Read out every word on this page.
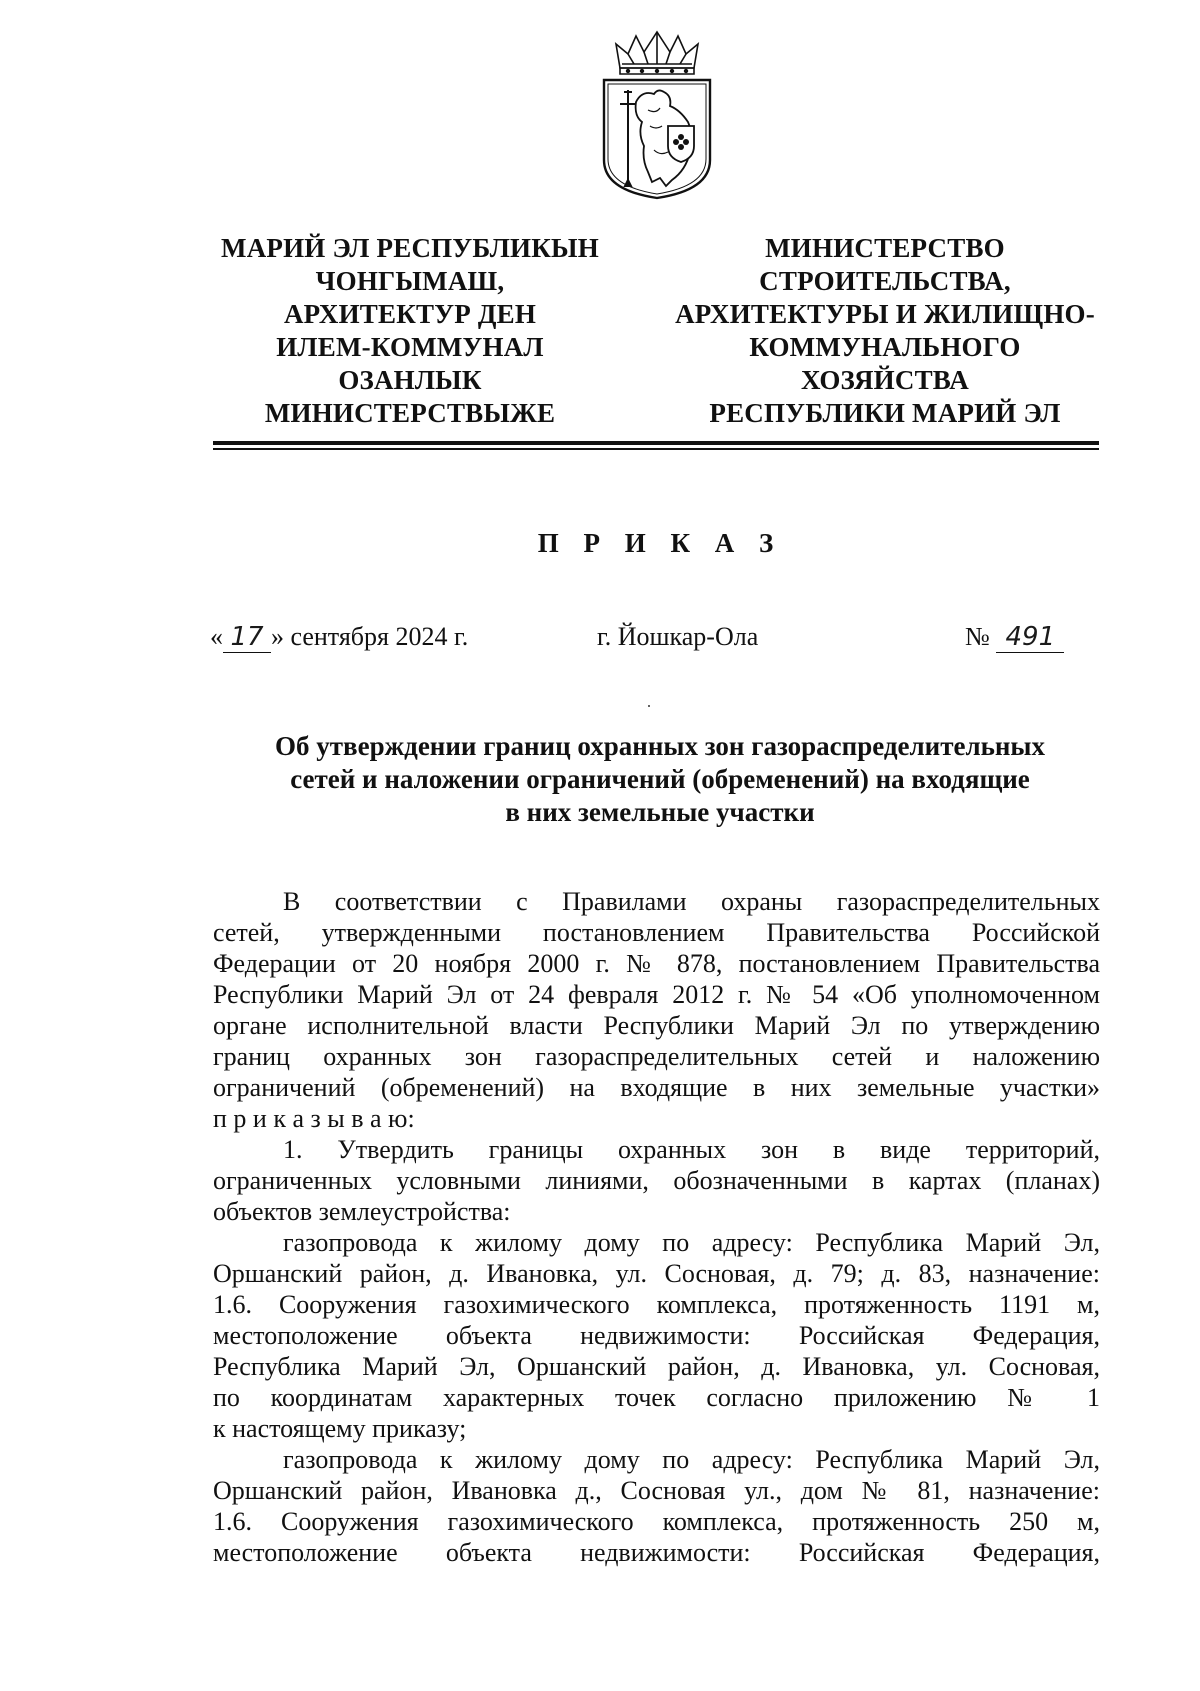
МАРИЙ ЭЛ РЕСПУБЛИКЫН
ЧОНГЫМАШ,
АРХИТЕКТУР ДЕН
ИЛЕМ-КОММУНАЛ
ОЗАНЛЫК
МИНИСТЕРСТВЫЖЕ
МИНИСТЕРСТВО
СТРОИТЕЛЬСТВА,
АРХИТЕКТУРЫ И ЖИЛИЩНО-
КОММУНАЛЬНОГО
ХОЗЯЙСТВА
РЕСПУБЛИКИ МАРИЙ ЭЛ
П Р И К А З
« 17 » сентября 2024 г.	г. Йошкар-Ола	№ 491
Об утверждении границ охранных зон газораспределительных
сетей и наложении ограничений (обременений) на входящие
в них земельные участки
В соответствии с Правилами охраны газораспределительных
сетей, утвержденными постановлением Правительства Российской
Федерации от 20 ноября 2000 г. № 878, постановлением Правительства
Республики Марий Эл от 24 февраля 2012 г. № 54 «Об уполномоченном
органе исполнительной власти Республики Марий Эл по утверждению
границ охранных зон газораспределительных сетей и наложению
ограничений (обременений) на входящие в них земельные участки»
п р и к а з ы в а ю:
1. Утвердить границы охранных зон в виде территорий,
ограниченных условными линиями, обозначенными в картах (планах)
объектов землеустройства:
газопровода к жилому дому по адресу: Республика Марий Эл,
Оршанский район, д. Ивановка, ул. Сосновая, д. 79; д. 83, назначение:
1.6. Сооружения газохимического комплекса, протяженность 1191 м,
местоположение объекта недвижимости: Российская Федерация,
Республика Марий Эл, Оршанский район, д. Ивановка, ул. Сосновая,
по координатам характерных точек согласно приложению № 1
к настоящему приказу;
газопровода к жилому дому по адресу: Республика Марий Эл,
Оршанский район, Ивановка д., Сосновая ул., дом № 81, назначение:
1.6. Сооружения газохимического комплекса, протяженность 250 м,
местоположение объекта недвижимости: Российская Федерация,
